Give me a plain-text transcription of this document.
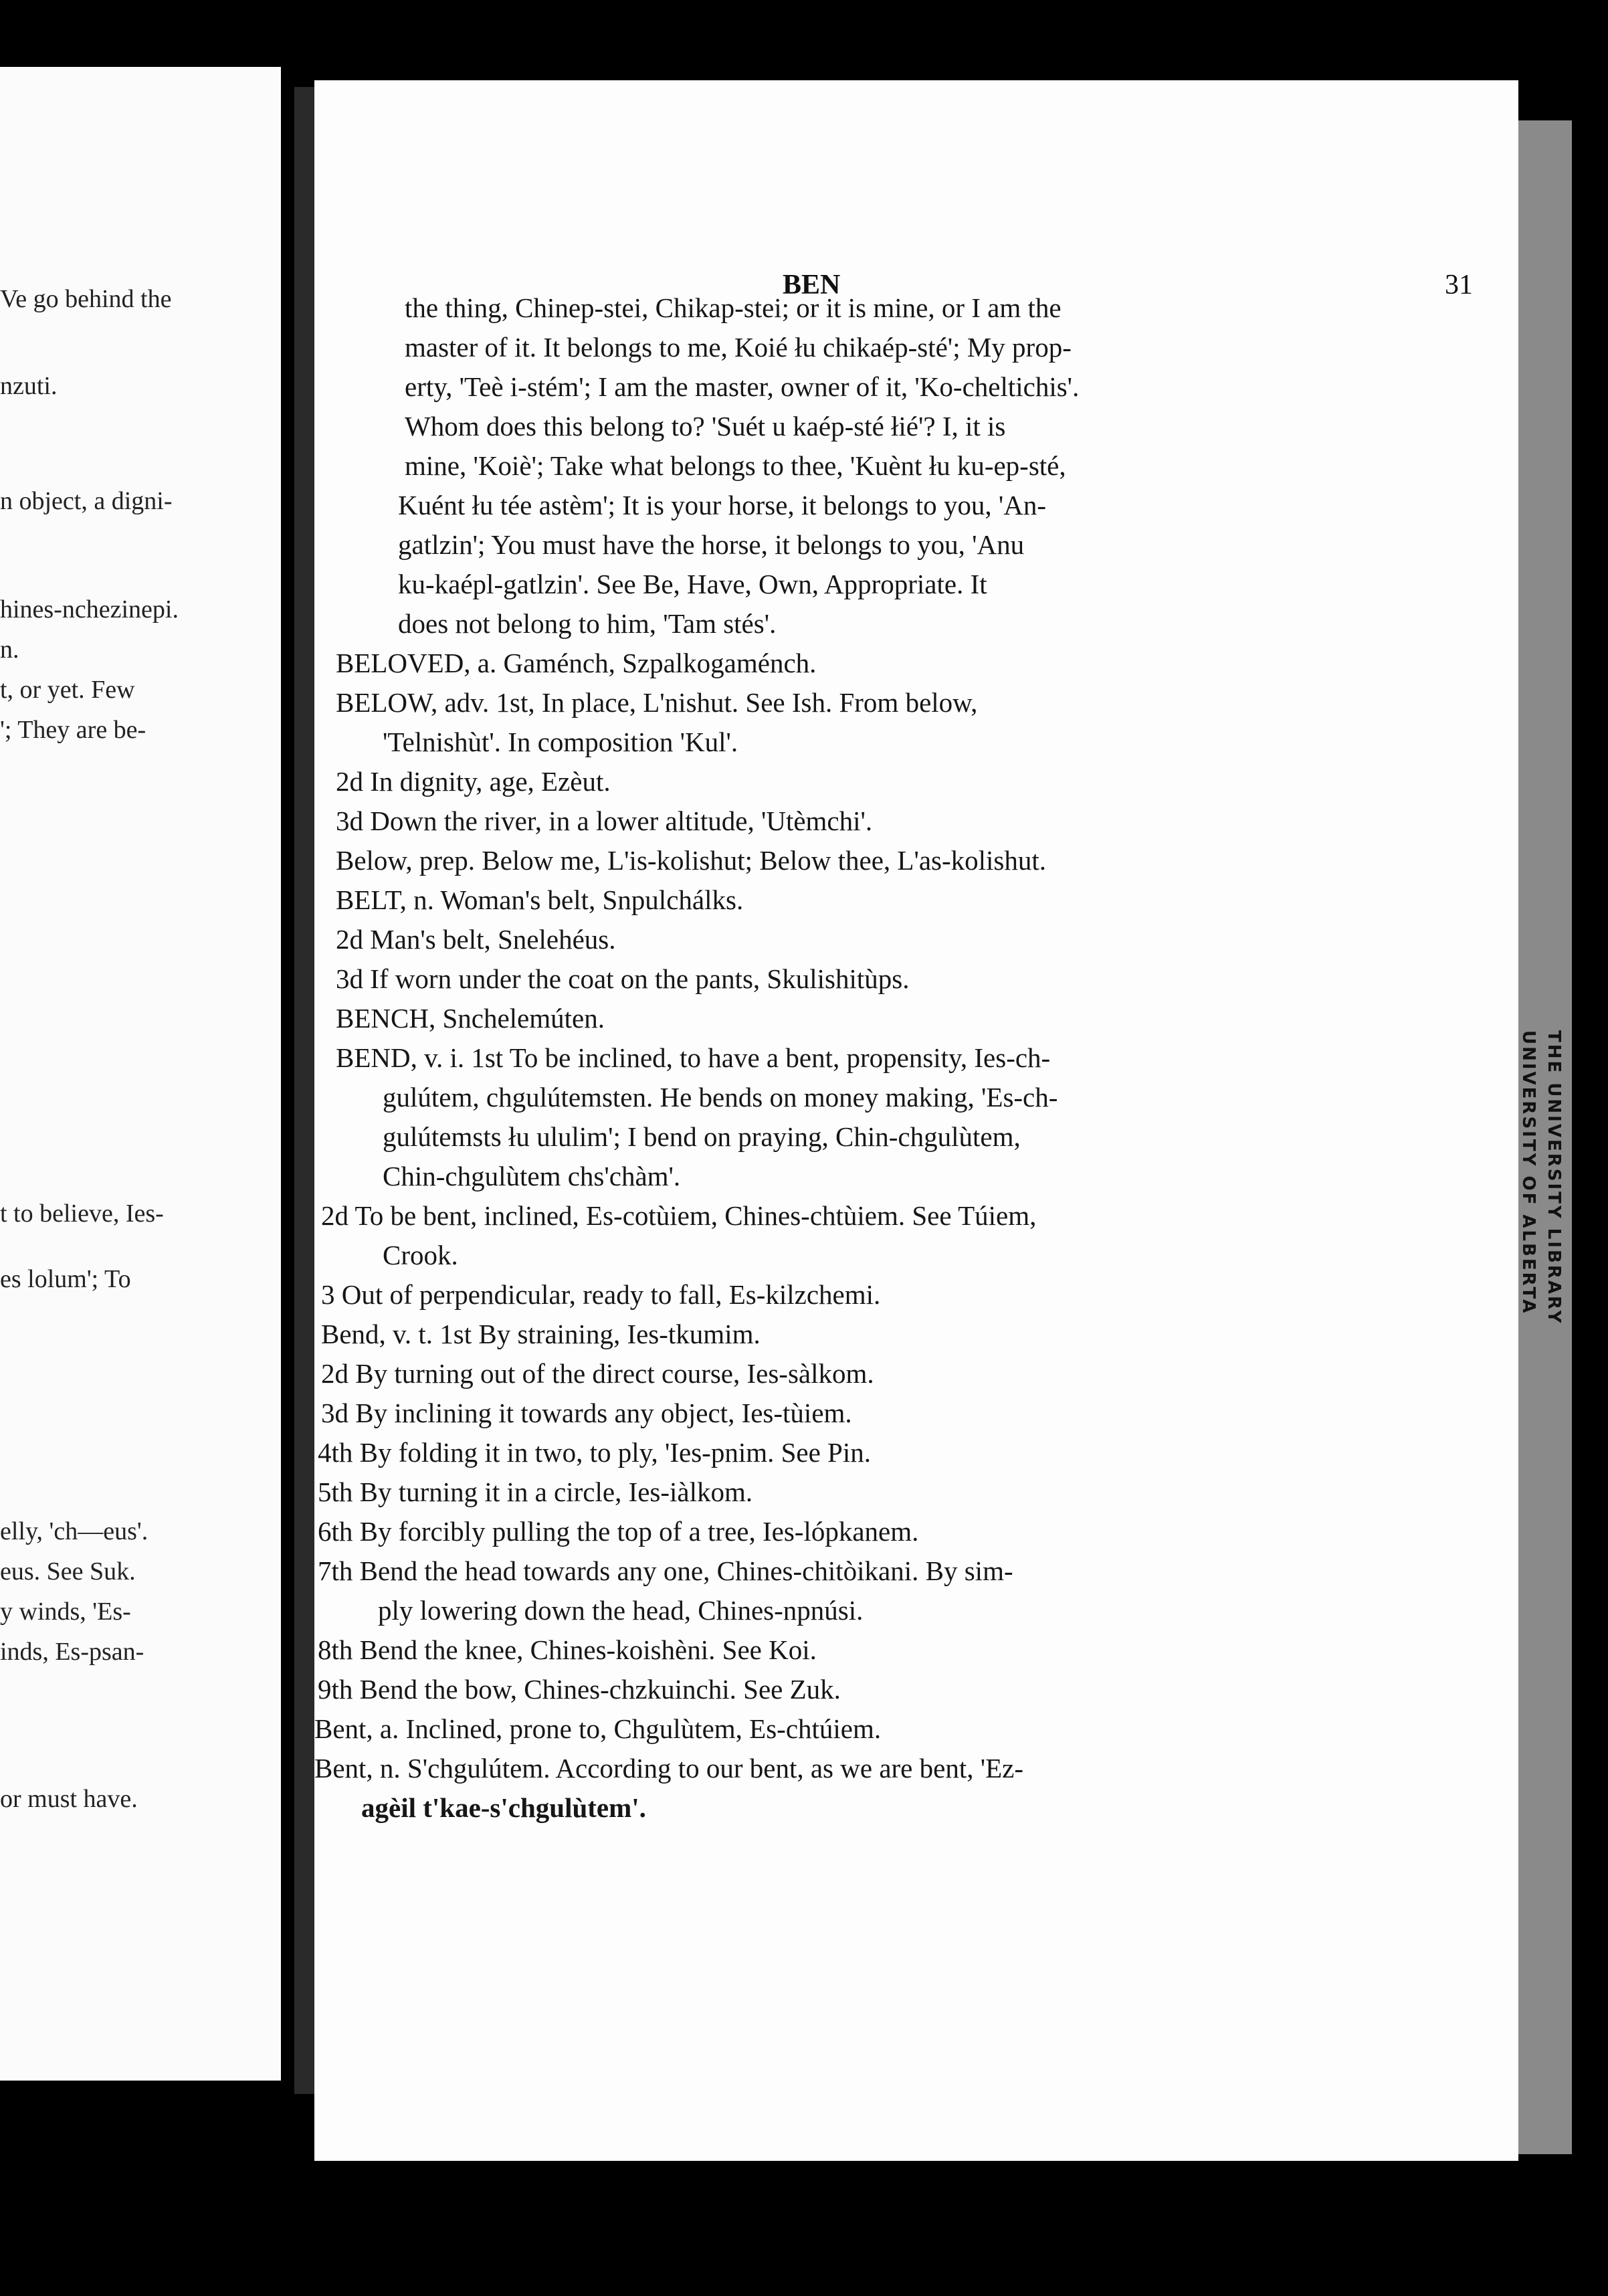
Ve go behind the
nzuti.
n object, a digni-
hines-nchezinepi.
n.
t, or yet. Few
'; They are be-
t to believe, Ies-
es lolum'; To
elly, 'ch—eus'.
eus. See Suk.
y winds, 'Es-
inds, Es-psan-
or must have.
THE UNIVERSITY LIBRARY
UNIVERSITY OF ALBERTA
BEN	31
the thing, Chinep-stei, Chikap-stei; or it is mine, or I am the
master of it. It belongs to me, Koié łu chikaép-sté'; My prop-
erty, 'Teè i-stém'; I am the master, owner of it, 'Ko-cheltichis'.
Whom does this belong to? 'Suét u kaép-sté łié'? I, it is
mine, 'Koiè'; Take what belongs to thee, 'Kuènt łu ku-ep-sté,
Kuént łu tée astèm'; It is your horse, it belongs to you, 'An-
gatlzin'; You must have the horse, it belongs to you, 'Anu
ku-kaépl-gatlzin'. See Be, Have, Own, Appropriate. It
does not belong to him, 'Tam stés'.
BELOVED, a. Gaménch, Szpalkogaménch.
BELOW, adv. 1st, In place, L'nishut. See Ish. From below,
'Telnishùt'. In composition 'Kul'.
2d In dignity, age, Ezèut.
3d Down the river, in a lower altitude, 'Utèmchi'.
Below, prep. Below me, L'is-kolishut; Below thee, L'as-kolishut.
BELT, n. Woman's belt, Snpulchálks.
2d Man's belt, Snelehéus.
3d If worn under the coat on the pants, Skulishitùps.
BENCH, Snchelemúten.
BEND, v. i. 1st To be inclined, to have a bent, propensity, Ies-ch-
gulútem, chgulútemsten. He bends on money making, 'Es-ch-
gulútemsts łu ululim'; I bend on praying, Chin-chgulùtem,
Chin-chgulùtem chs'chàm'.
2d To be bent, inclined, Es-cotùiem, Chines-chtùiem. See Túiem,
Crook.
3 Out of perpendicular, ready to fall, Es-kilzchemi.
Bend, v. t. 1st By straining, Ies-tkumim.
2d By turning out of the direct course, Ies-sàlkom.
3d By inclining it towards any object, Ies-tùiem.
4th By folding it in two, to ply, 'Ies-pnim. See Pin.
5th By turning it in a circle, Ies-iàlkom.
6th By forcibly pulling the top of a tree, Ies-lópkanem.
7th Bend the head towards any one, Chines-chitòikani. By sim-
ply lowering down the head, Chines-npnúsi.
8th Bend the knee, Chines-koishèni. See Koi.
9th Bend the bow, Chines-chzkuinchi. See Zuk.
Bent, a. Inclined, prone to, Chgulùtem, Es-chtúiem.
Bent, n. S'chgulútem. According to our bent, as we are bent, 'Ez-
agèil t'kae-s'chgulùtem'.
